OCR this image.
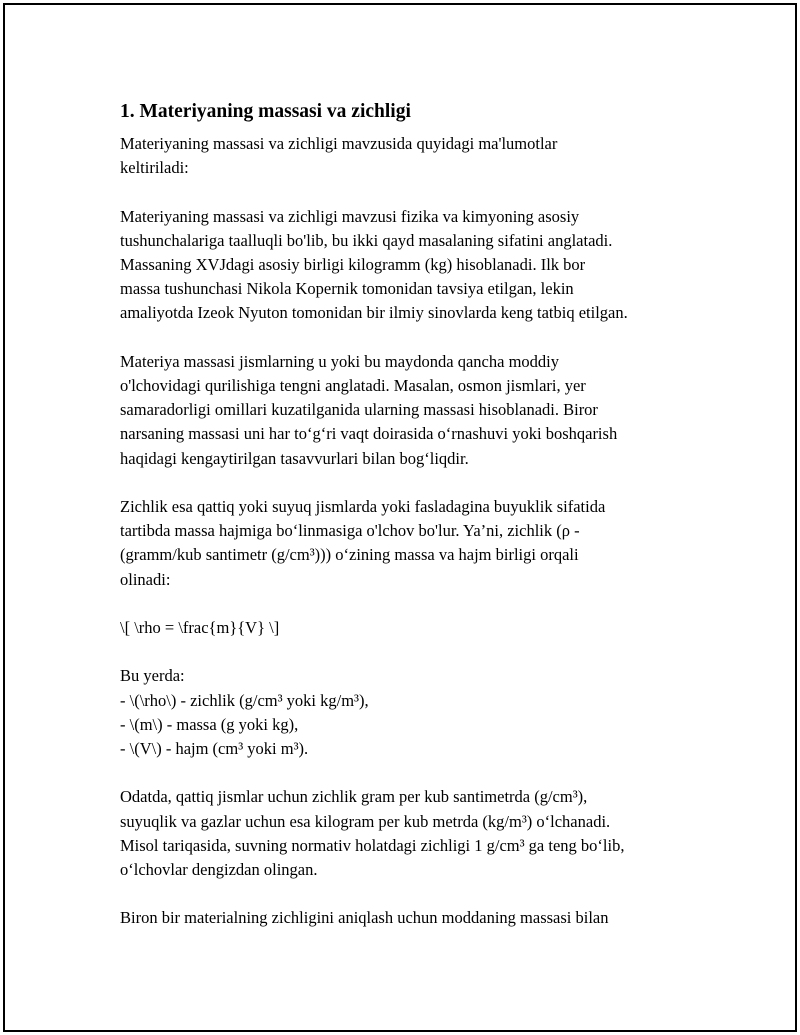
1. Materiyaning massasi va zichligi

Materiyaning massasi va zichligi mavzusida quyidagi ma'lumotlar
keltiriladi:

Materiyaning massasi va zichligi mavzusi fizika va kimyoning asosiy
tushunchalariga taalluqli bo'lib, bu ikki qayd masalaning sifatini anglatadi.
Massaning XVJdagi asosiy birligi kilogramm (kg) hisoblanadi. Ilk bor
massa tushunchasi Nikola Kopernik tomonidan tavsiya etilgan, lekin
amaliyotda Izeok Nyuton tomonidan bir ilmiy sinovlarda keng tatbiq etilgan.

Materiya massasi jismlarning u yoki bu maydonda qancha moddiy
o'lchovidagi qurilishiga tengni anglatadi. Masalan, osmon jismlari, yer
samaradorligi omillari kuzatilganida ularning massasi hisoblanadi. Biror
narsaning massasi uni har to‘g‘ri vaqt doirasida o‘rnashuvi yoki boshqarish
haqidagi kengaytirilgan tasavvurlari bilan bog‘liqdir.

Zichlik esa qattiq yoki suyuq jismlarda yoki fasladagina buyuklik sifatida
tartibda massa hajmiga bo‘linmasiga o'lchov bo'lur. Ya’ni, zichlik (ρ -
(gramm/kub santimetr (g/cm³))) o‘zining massa va hajm birligi orqali
olinadi:

\[ \rho = \frac{m}{V} \]

Bu yerda:
- \(\rho\) - zichlik (g/cm³ yoki kg/m³),
- \(m\) - massa (g yoki kg),
- \(V\) - hajm (cm³ yoki m³).

Odatda, qattiq jismlar uchun zichlik gram per kub santimetrda (g/cm³),
suyuqlik va gazlar uchun esa kilogram per kub metrda (kg/m³) o‘lchanadi.
Misol tariqasida, suvning normativ holatdagi zichligi 1 g/cm³ ga teng bo‘lib,
o‘lchovlar dengizdan olingan.

Biron bir materialning zichligini aniqlash uchun moddaning massasi bilan
